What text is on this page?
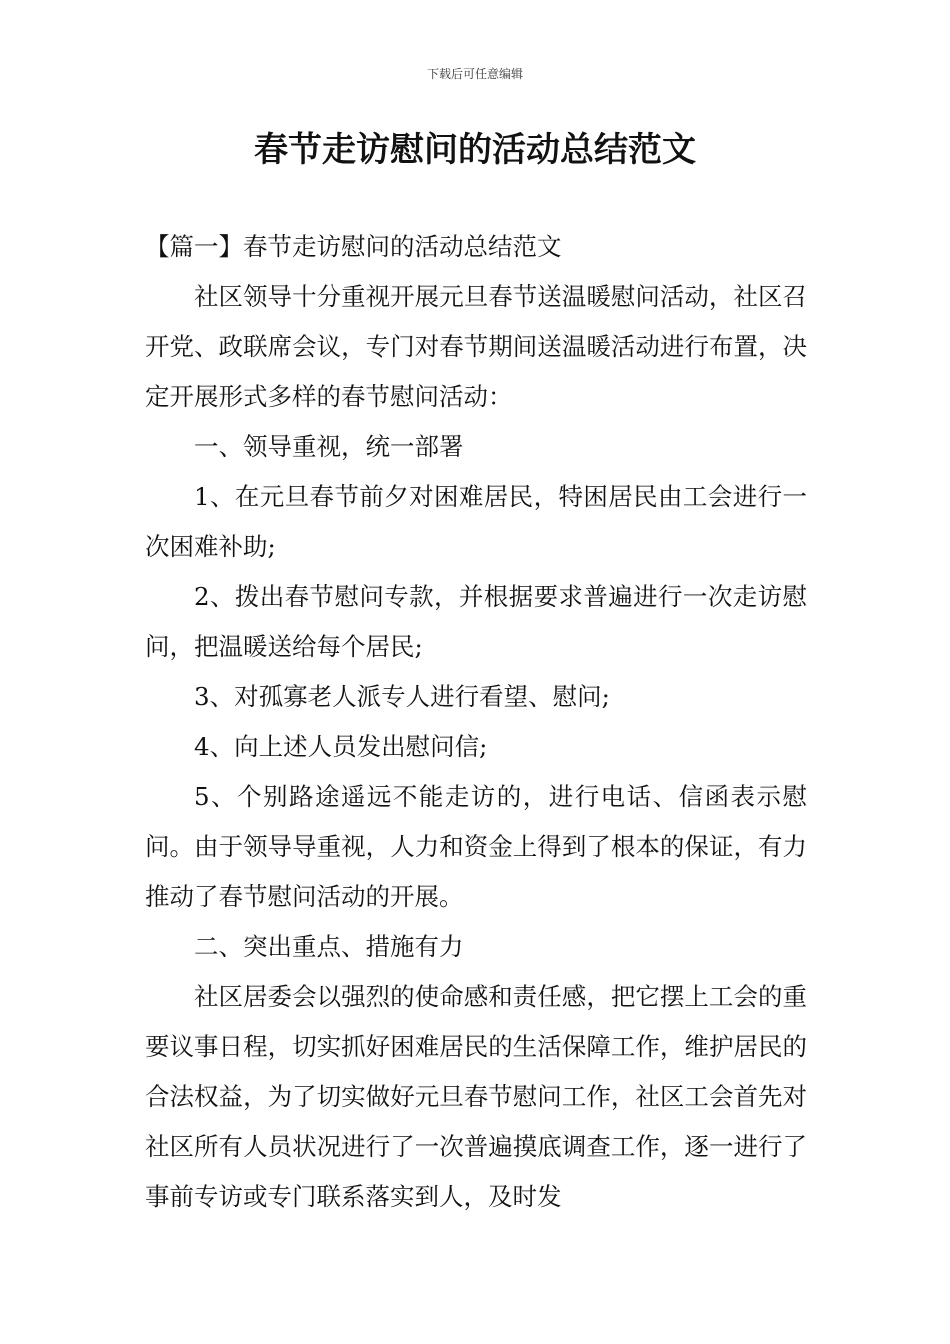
下载后可任意编辑
春节走访慰问的活动总结范文

【篇一】春节走访慰问的活动总结范文

社区领导十分重视开展元旦春节送温暖慰问活动，社区召开党、政联席会议，专门对春节期间送温暖活动进行布置，决定开展形式多样的春节慰问活动：

一、领导重视，统一部署

1、在元旦春节前夕对困难居民，特困居民由工会进行一次困难补助;

2、拨出春节慰问专款，并根据要求普遍进行一次走访慰问，把温暖送给每个居民;

3、对孤寡老人派专人进行看望、慰问;

4、向上述人员发出慰问信;

5、个别路途遥远不能走访的，进行电话、信函表示慰问。由于领导导重视，人力和资金上得到了根本的保证，有力推动了春节慰问活动的开展。

二、突出重点、措施有力

社区居委会以强烈的使命感和责任感，把它摆上工会的重要议事日程，切实抓好困难居民的生活保障工作，维护居民的合法权益，为了切实做好元旦春节慰问工作，社区工会首先对社区所有人员状况进行了一次普遍摸底调查工作，逐一进行了事前专访或专门联系落实到人，及时发
